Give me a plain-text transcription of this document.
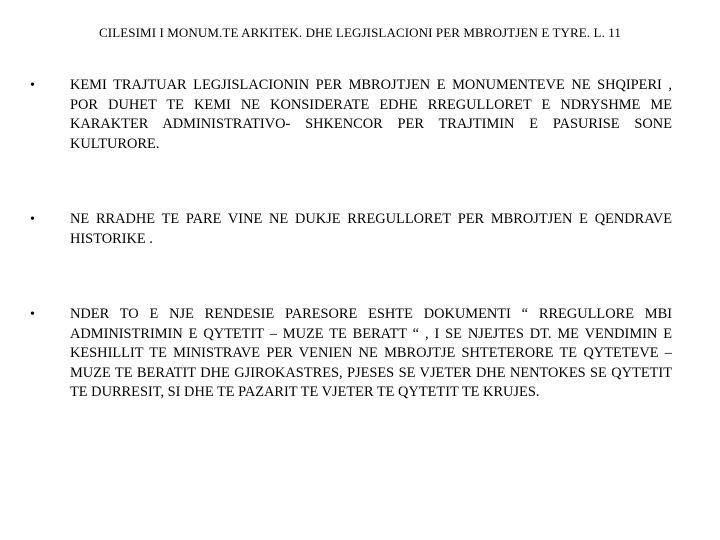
CILESIMI I MONUM.TE ARKITEK. DHE LEGJISLACIONI PER MBROJTJEN E TYRE. L. 11
•	KEMI TRAJTUAR LEGJISLACIONIN PER MBROJTJEN E MONUMENTEVE NE SHQIPERI , POR DUHET TE KEMI NE KONSIDERATE EDHE RREGULLORET E NDRYSHME ME KARAKTER ADMINISTRATIVO- SHKENCOR PER TRAJTIMIN E PASURISE SONE KULTURORE.
•	NE RRADHE TE PARE VINE NE DUKJE RREGULLORET PER MBROJTJEN E QENDRAVE HISTORIKE .
•	NDER TO E NJE RENDESIE PARESORE ESHTE DOKUMENTI “ RREGULLORE MBI ADMINISTRIMIN E QYTETIT – MUZE TE BERATT “ , I SE NJEJTES DT. ME VENDIMIN E KESHILLIT TE MINISTRAVE PER VENIEN NE MBROJTJE SHTETERORE TE QYTETEVE – MUZE TE BERATIT DHE GJIROKASTRES, PJESES SE VJETER DHE NENTOKES SE QYTETIT TE DURRESIT, SI DHE TE PAZARIT TE VJETER TE QYTETIT TE KRUJES.
